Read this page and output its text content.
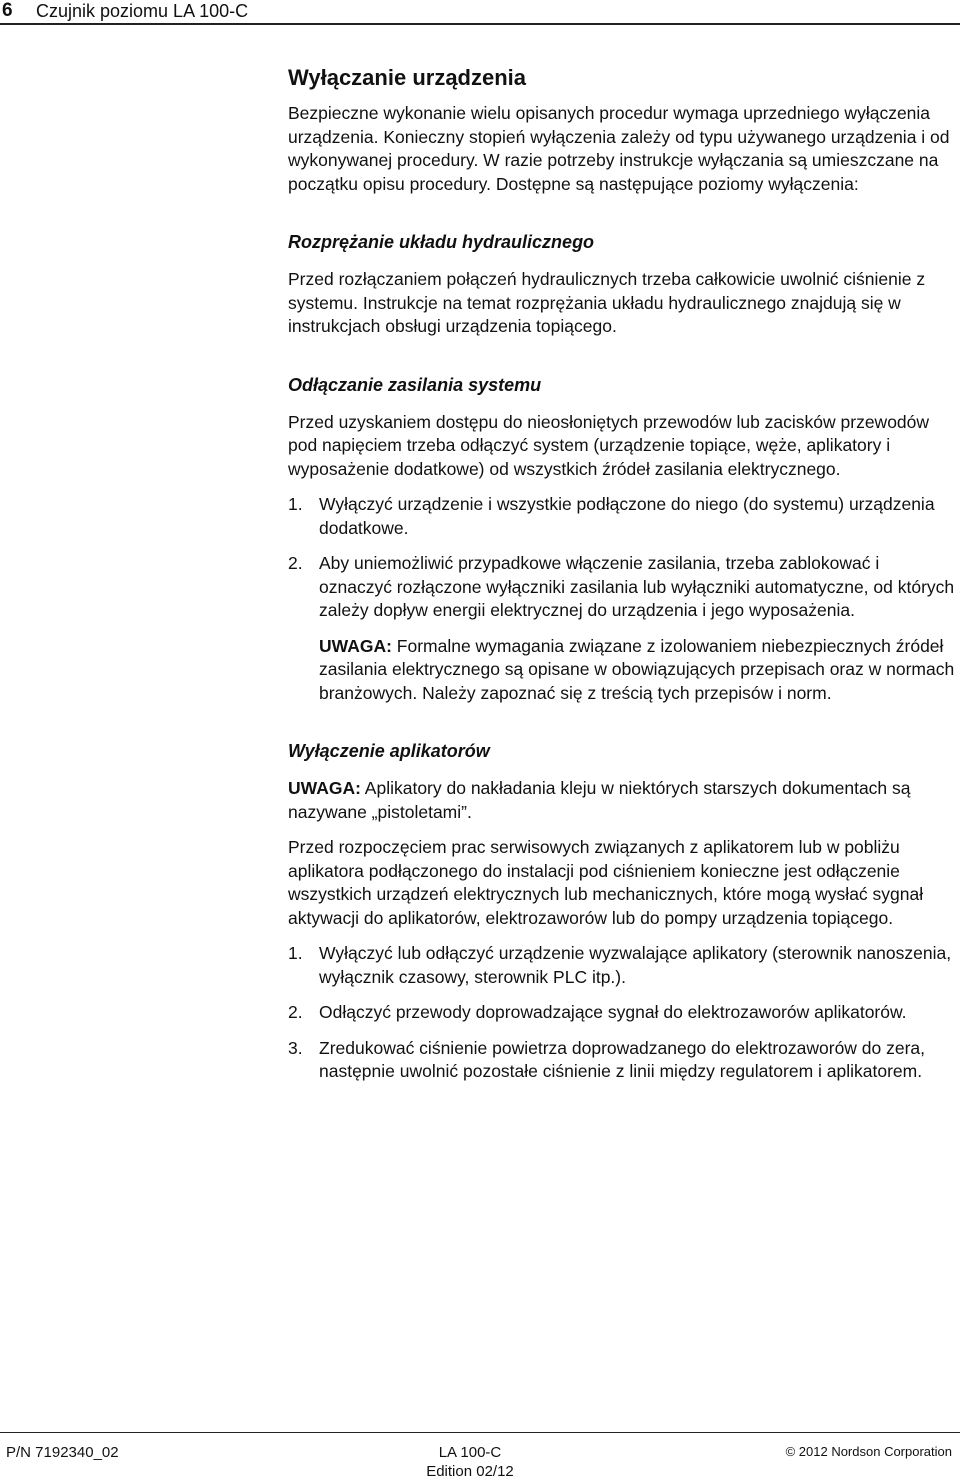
6 Czujnik poziomu LA 100-C
Wyłączanie urządzenia
Bezpieczne wykonanie wielu opisanych procedur wymaga uprzedniego wyłączenia urządzenia. Konieczny stopień wyłączenia zależy od typu używanego urządzenia i od wykonywanej procedury. W razie potrzeby instrukcje wyłączania są umieszczane na początku opisu procedury. Dostępne są następujące poziomy wyłączenia:
Rozprężanie układu hydraulicznego
Przed rozłączaniem połączeń hydraulicznych trzeba całkowicie uwolnić ciśnienie z systemu. Instrukcje na temat rozprężania układu hydraulicznego znajdują się w instrukcjach obsługi urządzenia topiącego.
Odłączanie zasilania systemu
Przed uzyskaniem dostępu do nieosłoniętych przewodów lub zacisków przewodów pod napięciem trzeba odłączyć system (urządzenie topiące, węże, aplikatory i wyposażenie dodatkowe) od wszystkich źródeł zasilania elektrycznego.
1. Wyłączyć urządzenie i wszystkie podłączone do niego (do systemu) urządzenia dodatkowe.
2. Aby uniemożliwić przypadkowe włączenie zasilania, trzeba zablokować i oznaczyć rozłączone wyłączniki zasilania lub wyłączniki automatyczne, od których zależy dopływ energii elektrycznej do urządzenia i jego wyposażenia.
UWAGA: Formalne wymagania związane z izolowaniem niebezpiecznych źródeł zasilania elektrycznego są opisane w obowiązujących przepisach oraz w normach branżowych. Należy zapoznać się z treścią tych przepisów i norm.
Wyłączenie aplikatorów
UWAGA: Aplikatory do nakładania kleju w niektórych starszych dokumentach są nazywane „pistoletami”.
Przed rozpoczęciem prac serwisowych związanych z aplikatorem lub w pobliżu aplikatora podłączonego do instalacji pod ciśnieniem konieczne jest odłączenie wszystkich urządzeń elektrycznych lub mechanicznych, które mogą wysłać sygnał aktywacji do aplikatorów, elektrozaworów lub do pompy urządzenia topiącego.
1. Wyłączyć lub odłączyć urządzenie wyzwalające aplikatory (sterownik nanoszenia, wyłącznik czasowy, sterownik PLC itp.).
2. Odłączyć przewody doprowadzające sygnał do elektrozaworów aplikatorów.
3. Zredukować ciśnienie powietrza doprowadzanego do elektrozaworów do zera, następnie uwolnić pozostałe ciśnienie z linii między regulatorem i aplikatorem.
P/N 7192340_02	LA 100-C
Edition 02/12
© 2012 Nordson Corporation
